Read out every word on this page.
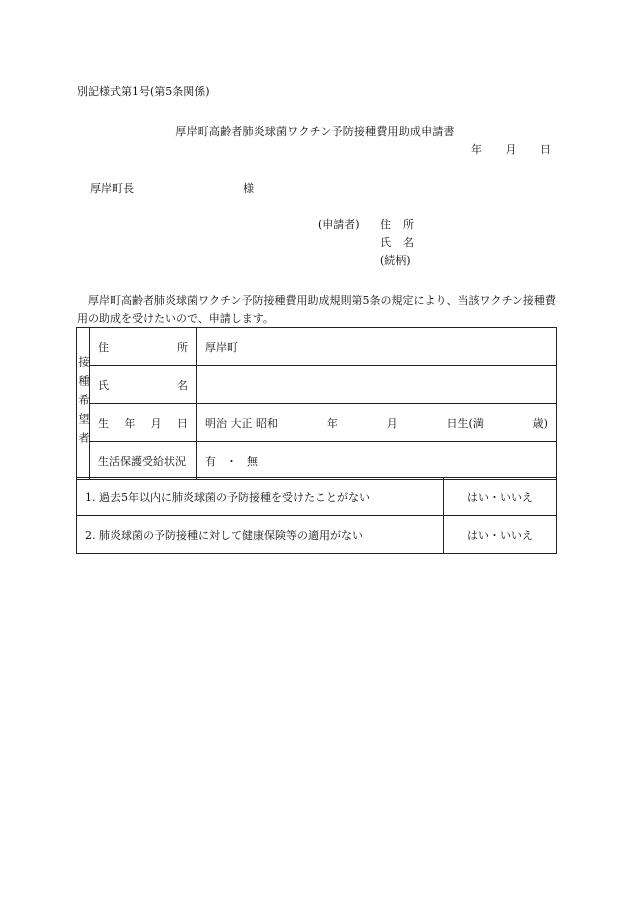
別記様式第1号(第5条関係)
厚岸町高齢者肺炎球菌ワクチン予防接種費用助成申請書
年 月 日
厚岸町長	様
(申請者)	住所
氏名
(続柄)
厚岸町高齢者肺炎球菌ワクチン予防接種費用助成規則第5条の規定により、当該ワクチン接種費用の助成を受けたいので、申請します。
接種希望者	住 所	厚岸町

	氏 名	

	生 年 月 日	明治 大正 昭和 年 月 日生(満 歳)

	生活保護受給状況	有 ・ 無
1. 過去5年以内に肺炎球菌の予防接種を受けたことがない	はい・いいえ
2. 肺炎球菌の予防接種に対して健康保険等の適用がない	はい・いいえ
